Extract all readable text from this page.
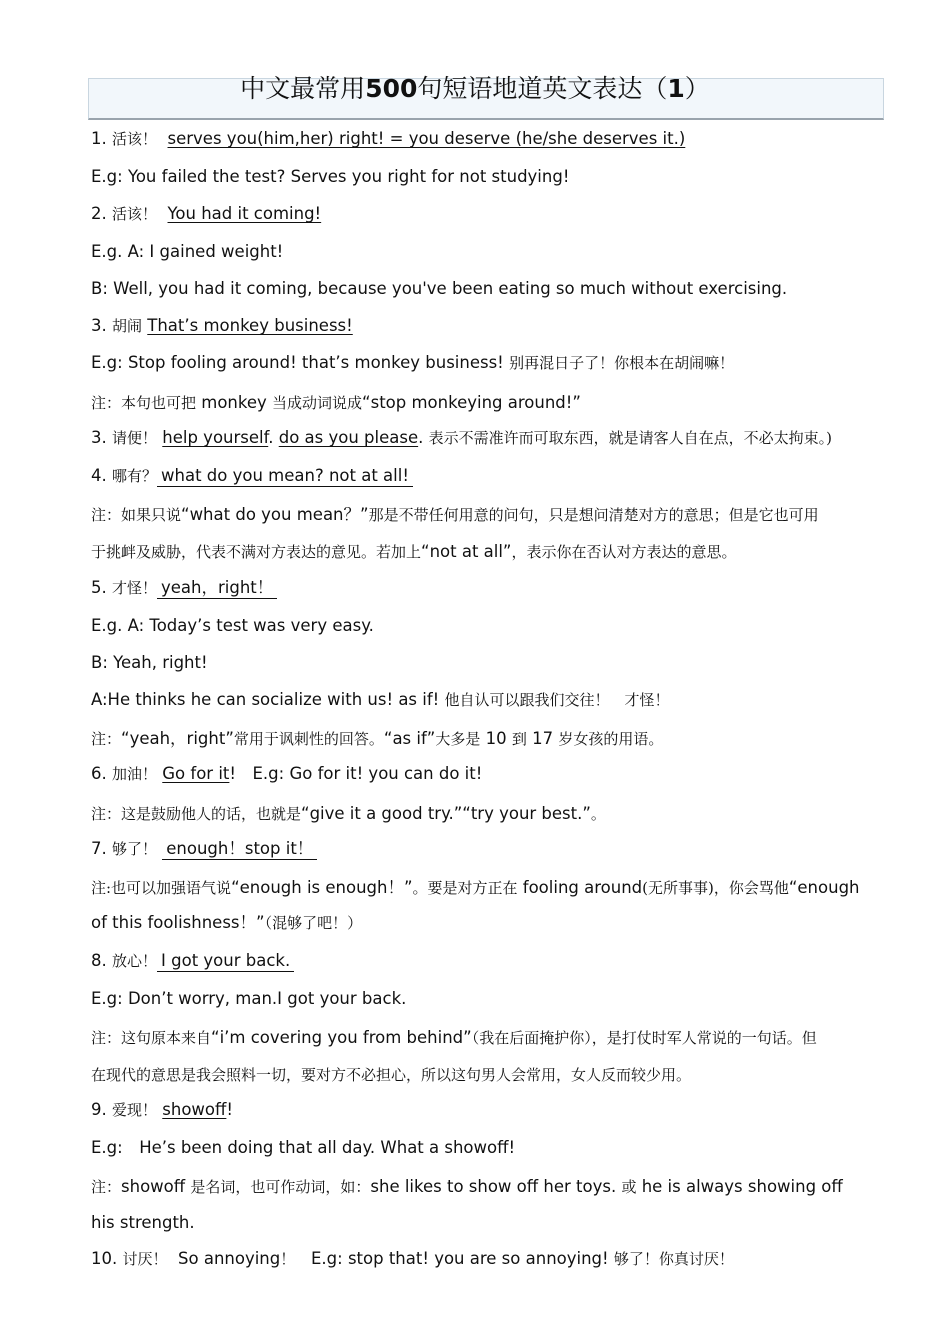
中文最常用500句短语地道英文表达（1）
1. 活该！ serves you(him,her) right! = you deserve (he/she deserves it.)
E.g: You failed the test? Serves you right for not studying!
2. 活该！ You had it coming!
E.g. A: I gained weight!
B: Well, you had it coming, because you've been eating so much without exercising.
3. 胡闹 That’s monkey business!
E.g: Stop fooling around! that’s monkey business! 别再混日子了！你根本在胡闹嘛！
注：本句也可把 monkey 当成动词说成“stop monkeying around!”
3. 请便！ help yourself. do as you please. 表示不需准许而可取东西，就是请客人自在点，不必太拘束。)
4. 哪有？ what do you mean? not at all!
注：如果只说“what do you mean？”那是不带任何用意的问句，只是想问清楚对方的意思；但是它也可用
于挑衅及威胁，代表不满对方表达的意见。若加上“not at all”，表示你在否认对方表达的意思。
5. 才怪！ yeah，right！
E.g. A: Today’s test was very easy.
B: Yeah, right!
A:He thinks he can socialize with us! as if! 他自认可以跟我们交往！　才怪！
注：“yeah，right”常用于讽刺性的回答。“as if”大多是 10 到 17 岁女孩的用语。
6. 加油！ Go for it!　E.g: Go for it! you can do it!
注：这是鼓励他人的话，也就是“give it a good try.”“try your best.”。
7. 够了！ enough！stop it！
注:也可以加强语气说“enough is enough！”。要是对方正在 fooling around(无所事事)，你会骂他“enough
of this foolishness！”（混够了吧！）
8. 放心！ I got your back.
E.g: Don’t worry, man.I got your back.
注：这句原本来自“i’m covering you from behind”（我在后面掩护你），是打仗时军人常说的一句话。但
在现代的意思是我会照料一切，要对方不必担心，所以这句男人会常用，女人反而较少用。
9. 爱现！ showoff!
E.g:　He’s been doing that all day. What a showoff!
注：showoff 是名词，也可作动词，如：she likes to show off her toys. 或 he is always showing off
his strength.
10. 讨厌！ So annoying！ E.g: stop that! you are so annoying! 够了！你真讨厌！
